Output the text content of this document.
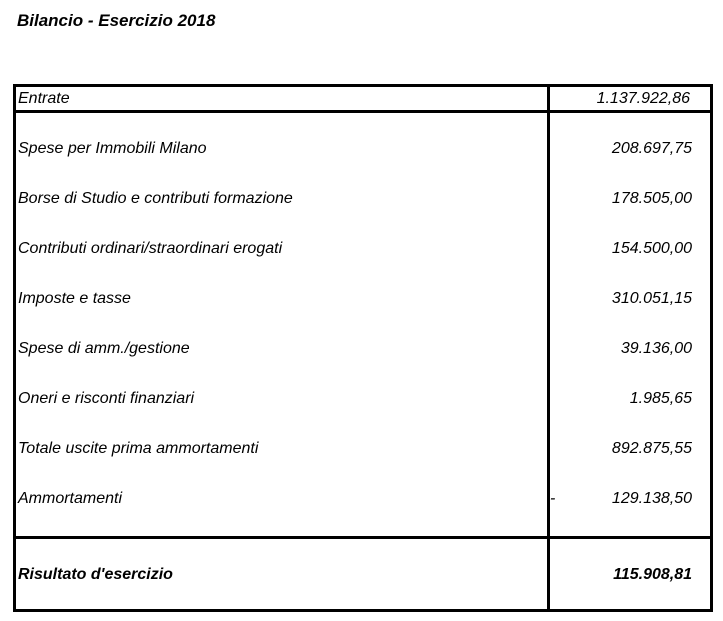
Bilancio - Esercizio 2018
Entrate	1.137.922,86
Spese per Immobili Milano	208.697,75
Borse di Studio e contributi formazione	178.505,00
Contributi ordinari/straordinari erogati	154.500,00
Imposte e tasse	310.051,15
Spese di amm./gestione	39.136,00
Oneri e risconti finanziari	1.985,65
Totale uscite prima ammortamenti	892.875,55
Ammortamenti	-	129.138,50
Risultato d'esercizio	115.908,81
